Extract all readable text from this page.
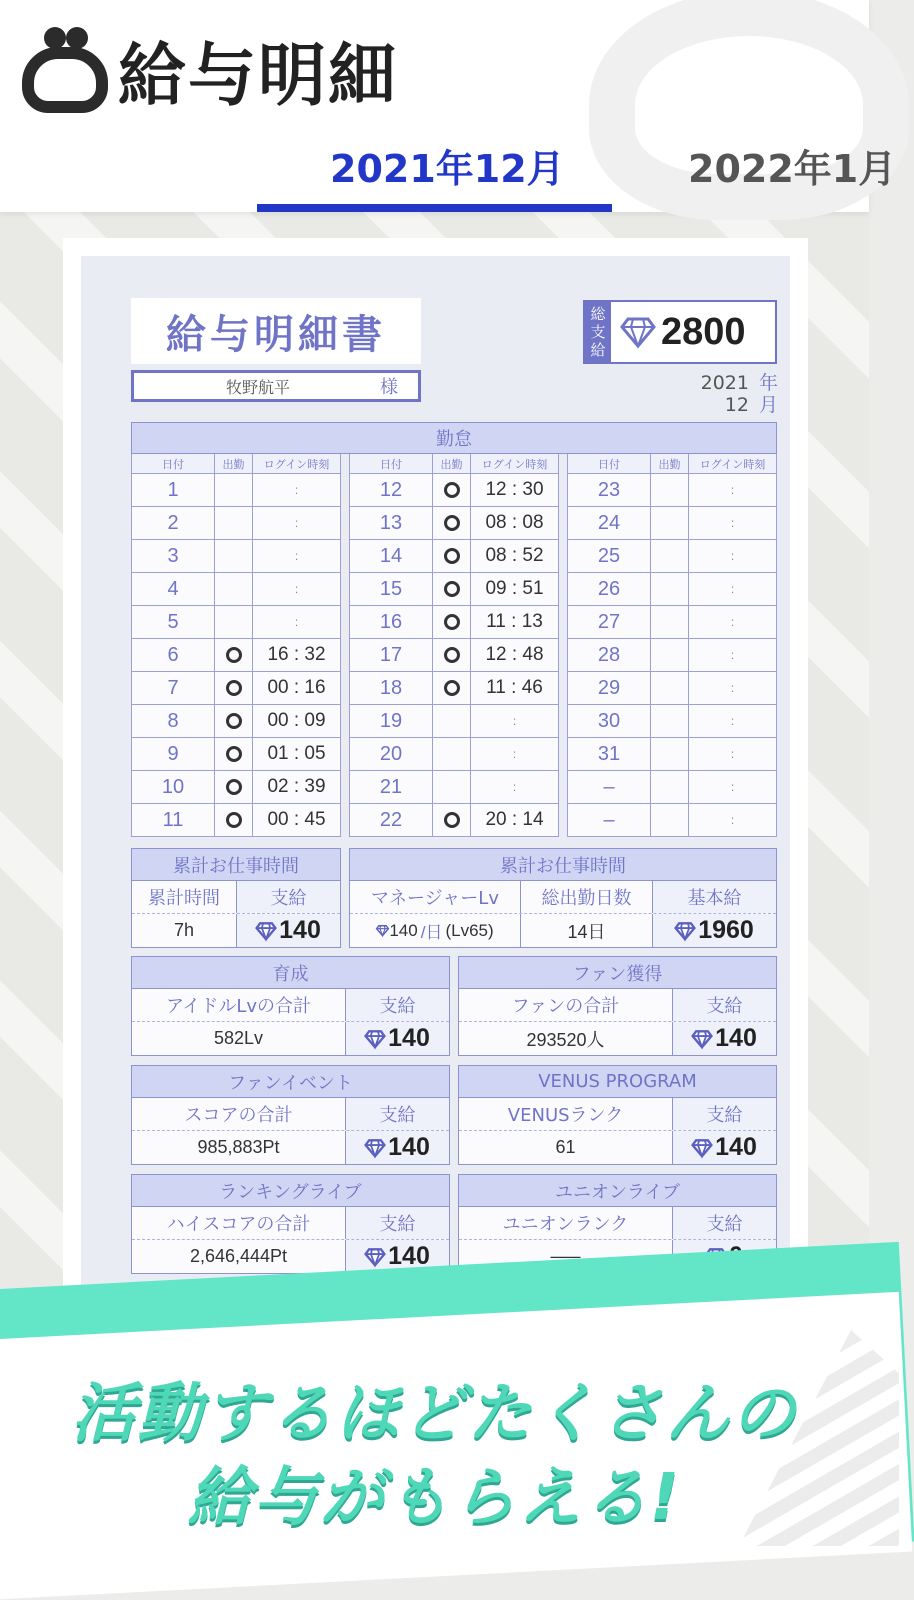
給与明細
2021年12月	2022年1月
給与明細書
牧野航平	様
総
支
給 2800
2021 年
12 月
勤怠
日付	出勤	ログイン時刻
1	:
2	:
3	:
4	:
5	:
6	16 : 32
7	00 : 16
8	00 : 09
9	01 : 05
10	02 : 39
11	00 : 45
日付	出勤	ログイン時刻
12	12 : 30
13	08 : 08
14	08 : 52
15	09 : 51
16	11 : 13
17	12 : 48
18	11 : 46
19	:
20	:
21	:
22	20 : 14
日付	出勤	ログイン時刻
23	:
24	:
25	:
26	:
27	:
28	:
29	:
30	:
31	:
–	:
–	:
累計お仕事時間
累計時間	支給
7h	140
累計お仕事時間
マネージャーLv	総出勤日数	基本給
140 /日 (Lv65)	14日	1960
育成
アイドルLvの合計	支給
582Lv	140
ファン獲得
ファンの合計	支給
293520人	140
ファンイベント
スコアの合計	支給
985,883Pt	140
VENUS PROGRAM
VENUSランク	支給
61	140
ランキングライブ
ハイスコアの合計	支給
2,646,444Pt	140
ユニオンライブ
ユニオンランク	支給
–––
活動するほどたくさんの
給与がもらえる!
